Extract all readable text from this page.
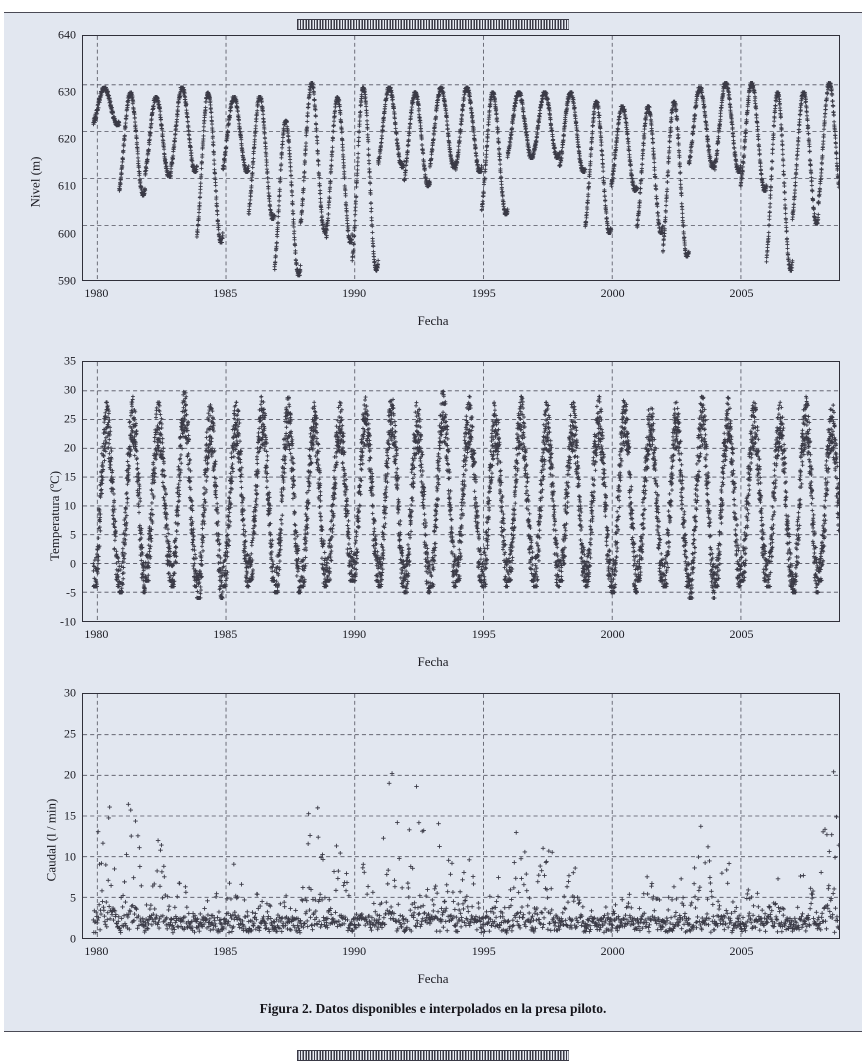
Nivel (m)
590
600
610
620
630
640
1980	1985	1990	1995	2000	2005
Fecha
Temperatura (ºC)
-10
-5
0
5
10
15
20
25
30
35
1980	1985	1990	1995	2000	2005
Fecha
Caudal (l / min)
0
5
10
15
20
25
30
1980	1985	1990	1995	2000	2005
Fecha
Figura 2. Datos disponibles e interpolados en la presa piloto.
